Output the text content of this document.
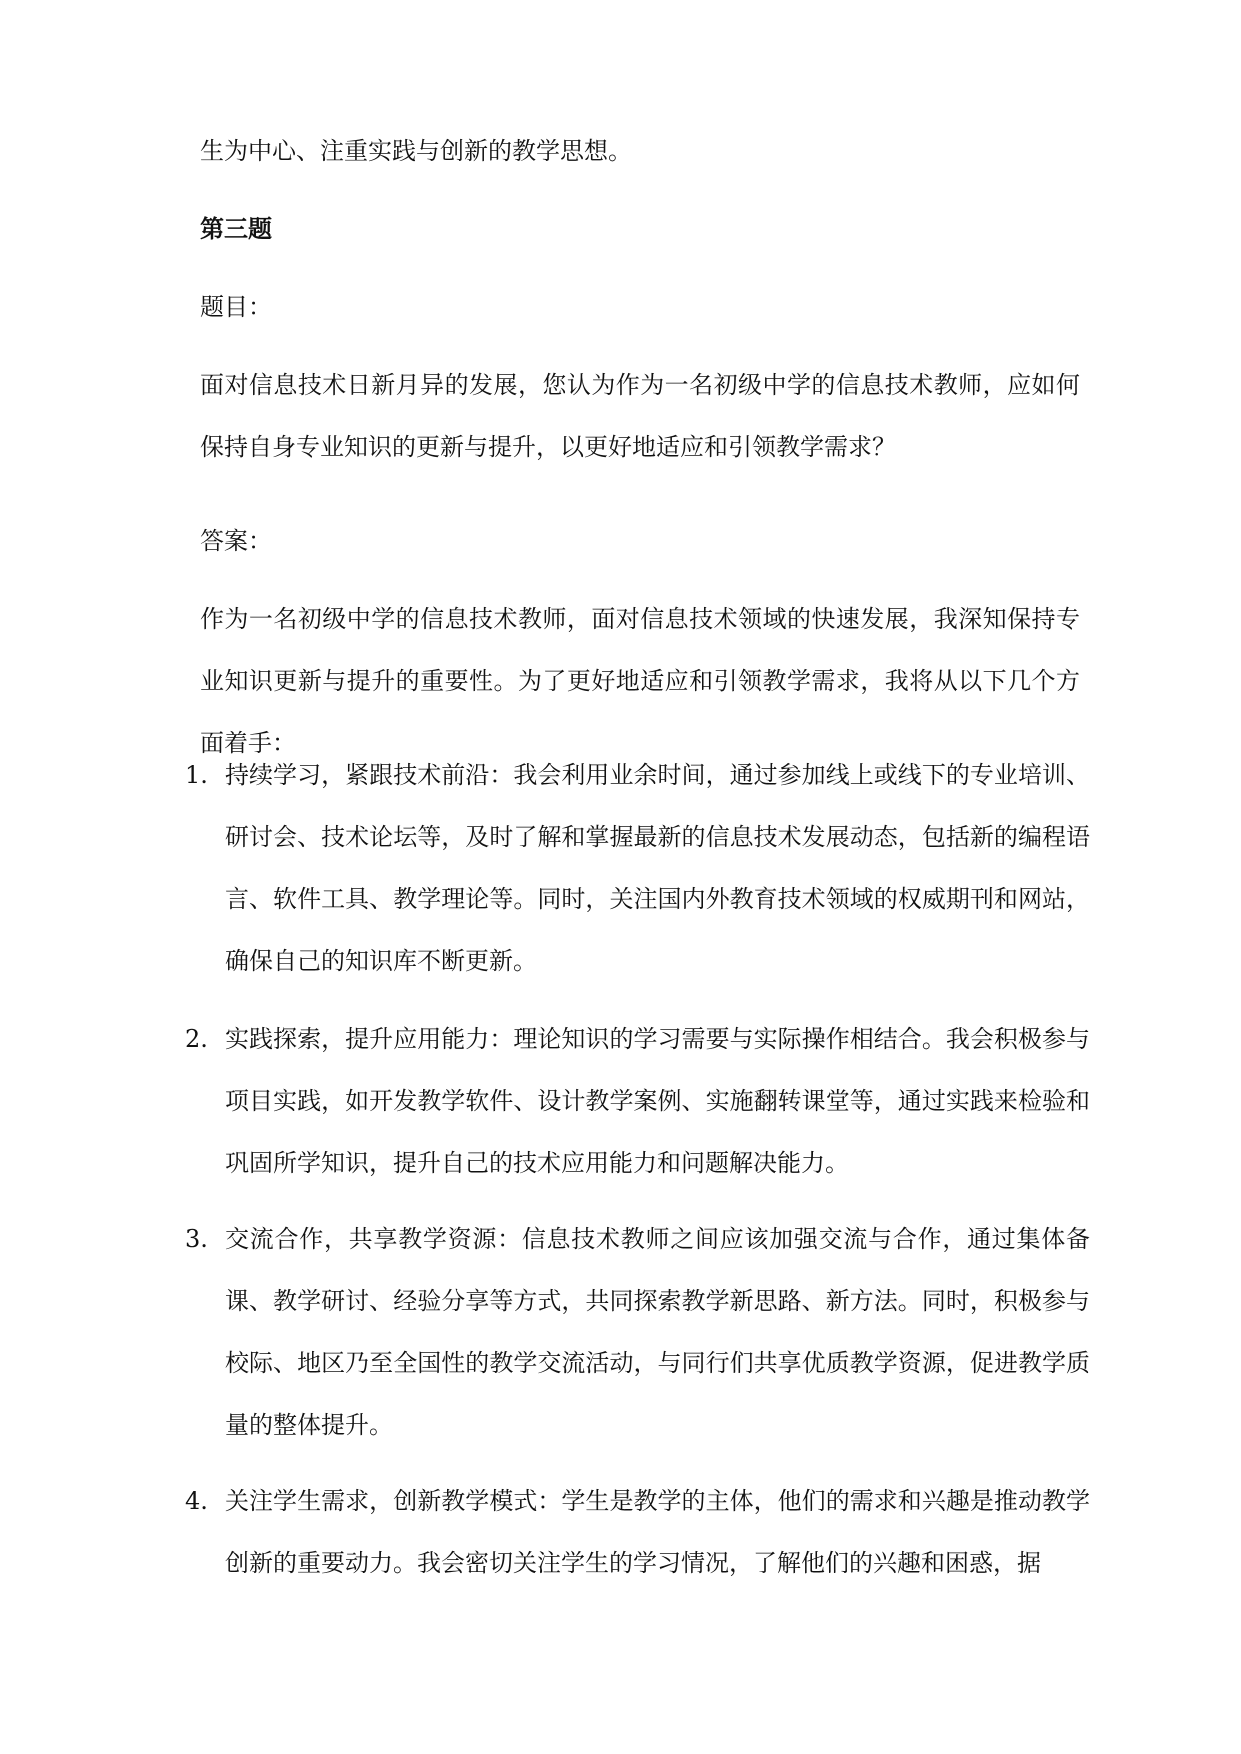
生为中心、注重实践与创新的教学思想。
第三题
题目：
面对信息技术日新月异的发展，您认为作为一名初级中学的信息技术教师，应如何保持自身专业知识的更新与提升，以更好地适应和引领教学需求？
答案：
作为一名初级中学的信息技术教师，面对信息技术领域的快速发展，我深知保持专业知识更新与提升的重要性。为了更好地适应和引领教学需求，我将从以下几个方面着手：
1. 持续学习，紧跟技术前沿：我会利用业余时间，通过参加线上或线下的专业培训、研讨会、技术论坛等，及时了解和掌握最新的信息技术发展动态，包括新的编程语言、软件工具、教学理论等。同时，关注国内外教育技术领域的权威期刊和网站，确保自己的知识库不断更新。
2. 实践探索，提升应用能力：理论知识的学习需要与实际操作相结合。我会积极参与项目实践，如开发教学软件、设计教学案例、实施翻转课堂等，通过实践来检验和巩固所学知识，提升自己的技术应用能力和问题解决能力。
3. 交流合作，共享教学资源：信息技术教师之间应该加强交流与合作，通过集体备课、教学研讨、经验分享等方式，共同探索教学新思路、新方法。同时，积极参与校际、地区乃至全国性的教学交流活动，与同行们共享优质教学资源，促进教学质量的整体提升。
4. 关注学生需求，创新教学模式：学生是教学的主体，他们的需求和兴趣是推动教学创新的重要动力。我会密切关注学生的学习情况，了解他们的兴趣和困惑，据
